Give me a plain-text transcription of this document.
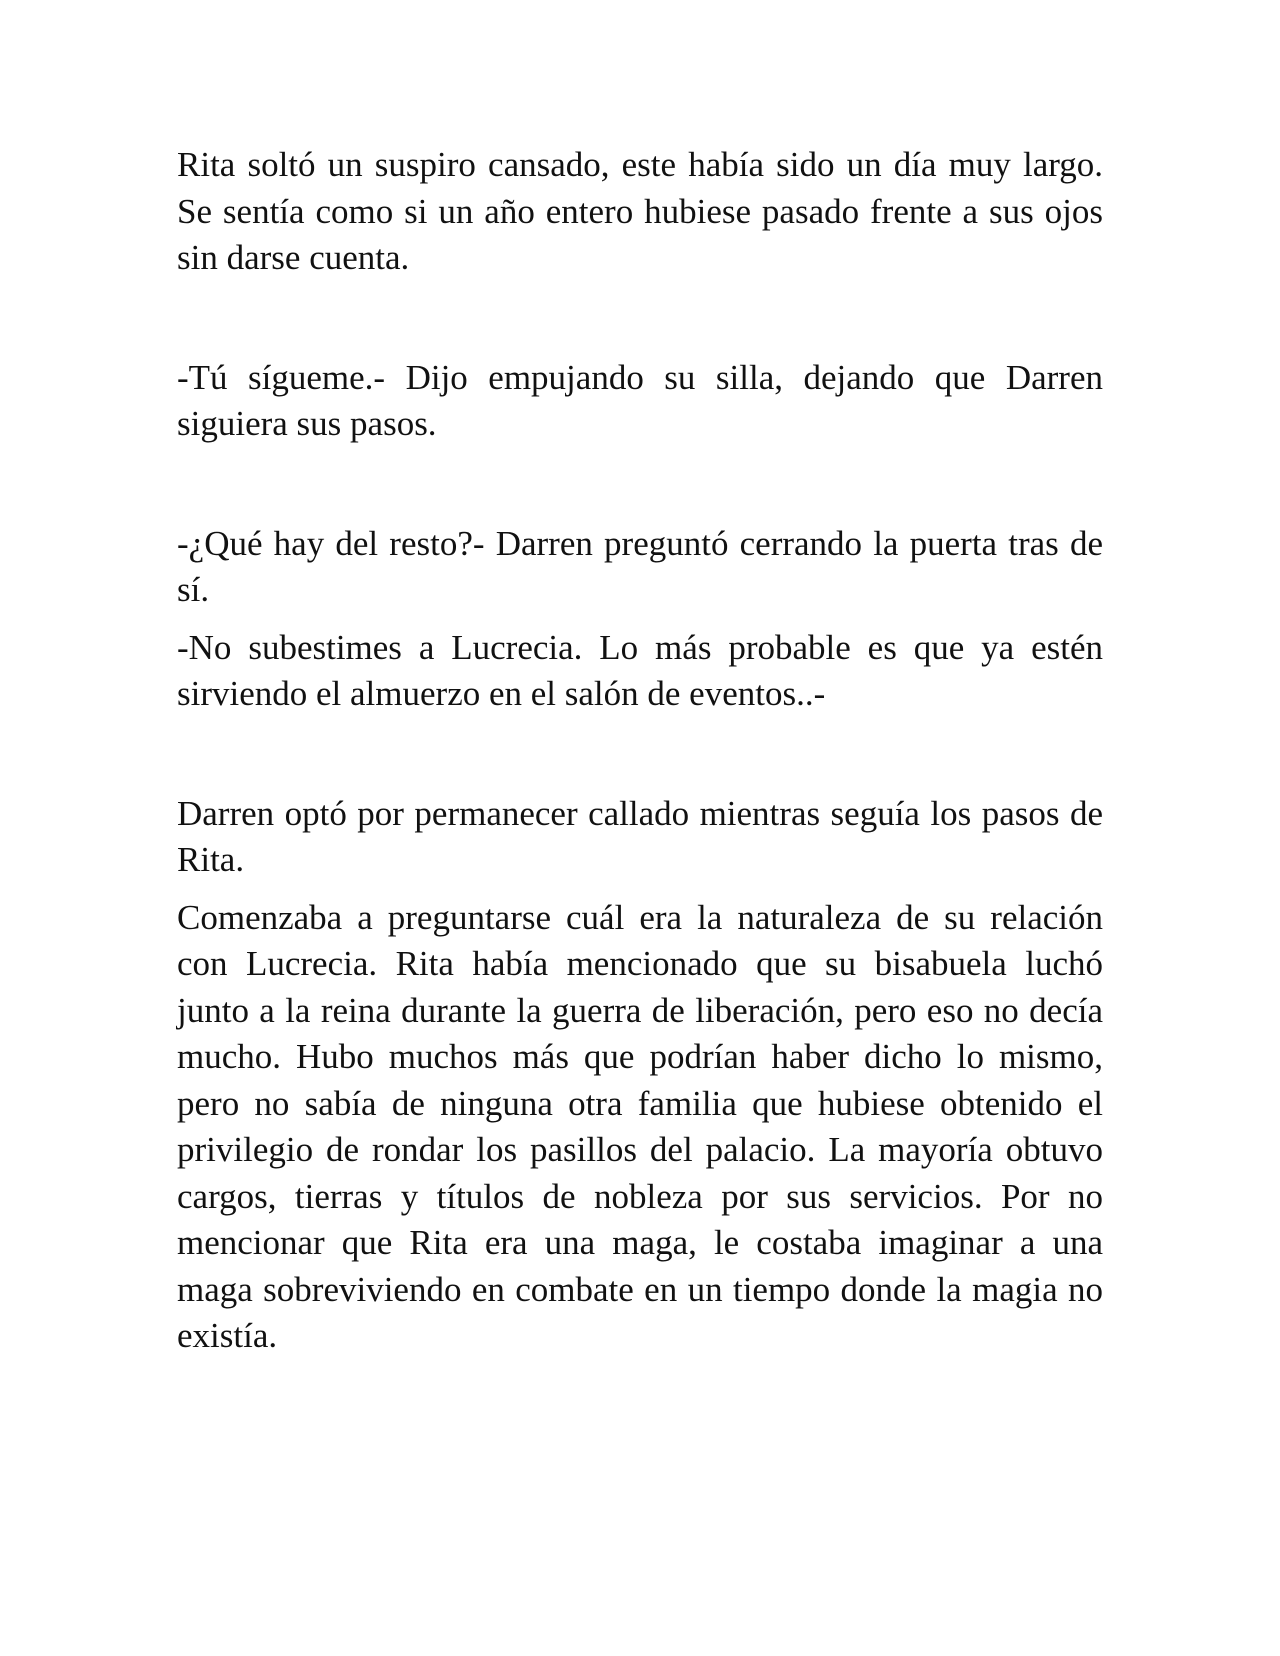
Rita soltó un suspiro cansado, este había sido un día muy largo. Se sentía como si un año entero hubiese pasado frente a sus ojos sin darse cuenta.

-Tú sígueme.- Dijo empujando su silla, dejando que Darren siguiera sus pasos.

-¿Qué hay del resto?- Darren preguntó cerrando la puerta tras de sí.

-No subestimes a Lucrecia. Lo más probable es que ya estén sirviendo el almuerzo en el salón de eventos..-

Darren optó por permanecer callado mientras seguía los pasos de Rita.

Comenzaba a preguntarse cuál era la naturaleza de su relación con Lucrecia. Rita había mencionado que su bisabuela luchó junto a la reina durante la guerra de liberación, pero eso no decía mucho. Hubo muchos más que podrían haber dicho lo mismo, pero no sabía de ninguna otra familia que hubiese obtenido el privilegio de rondar los pasillos del palacio. La mayoría obtuvo cargos, tierras y títulos de nobleza por sus servicios. Por no mencionar que Rita era una maga, le costaba imaginar a una maga sobreviviendo en combate en un tiempo donde la magia no existía.
